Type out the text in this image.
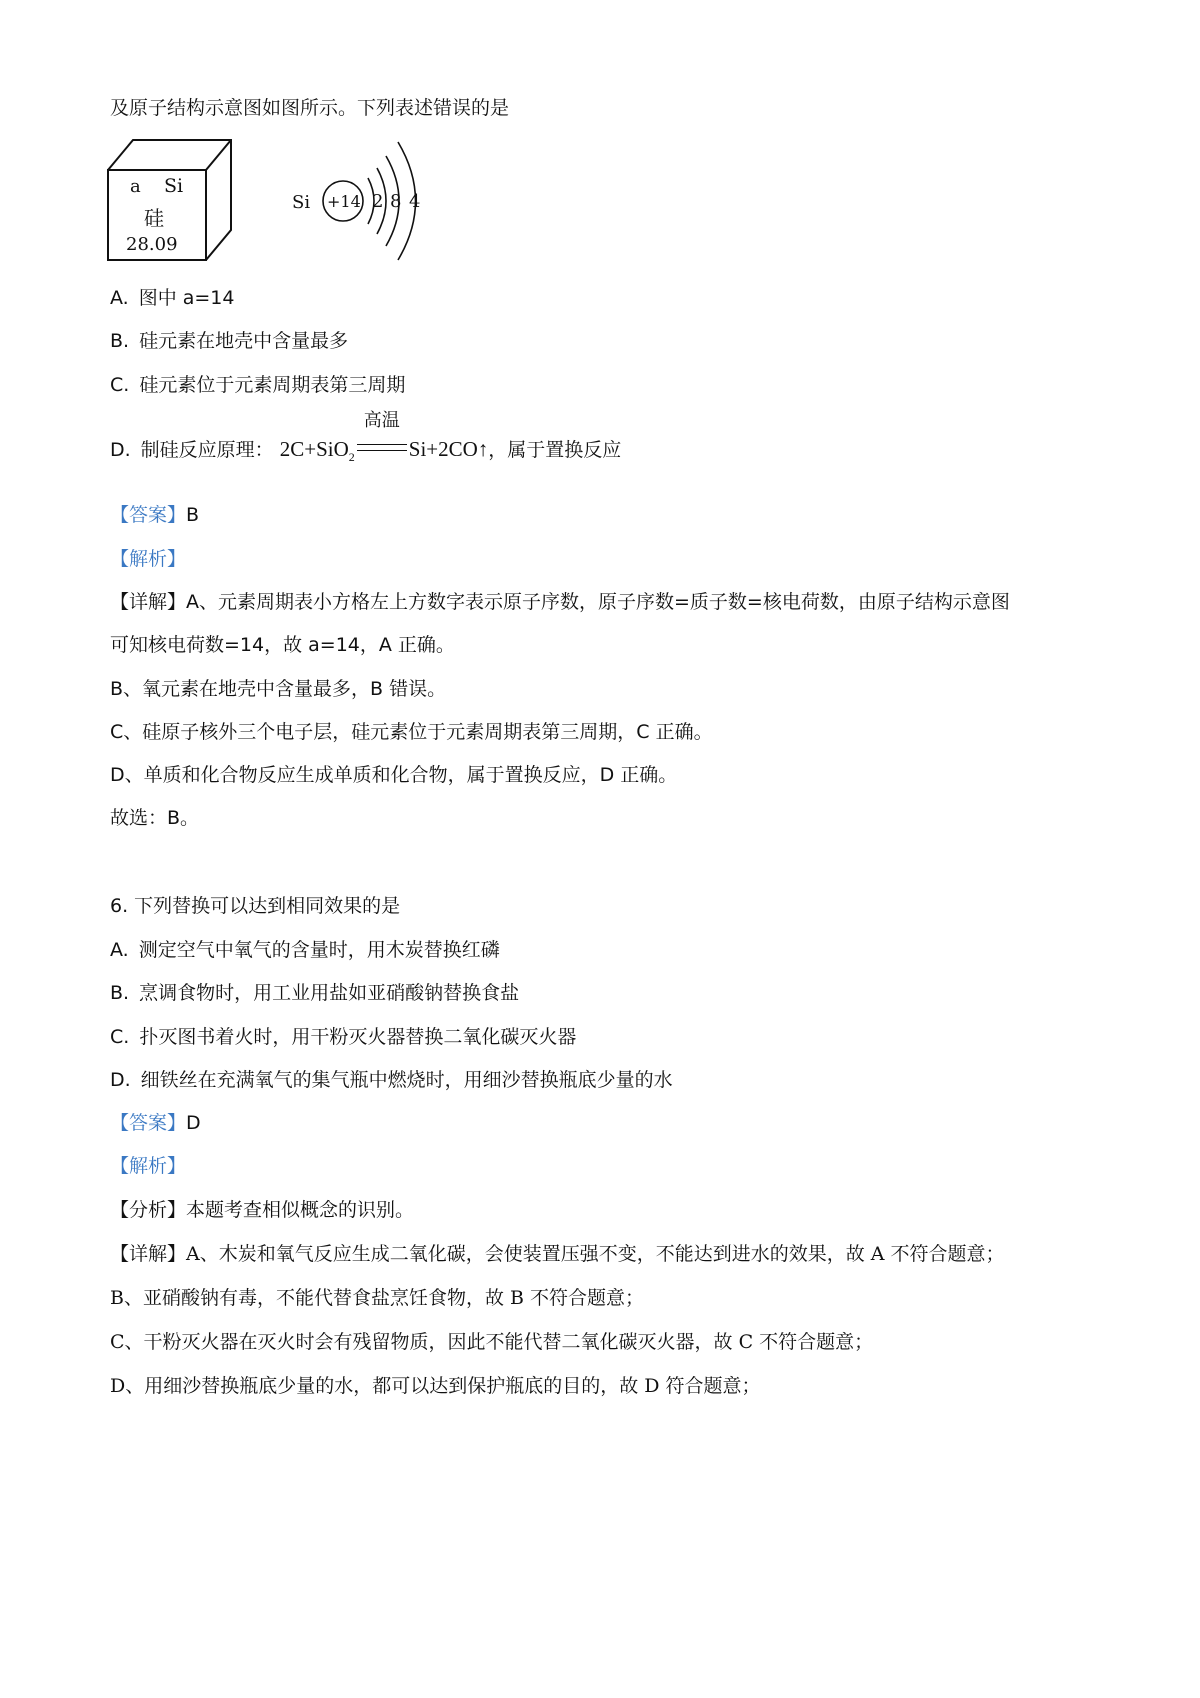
及原子结构示意图如图所示。下列表述错误的是
a Si
硅
28.09
Si +14 2 8 4
A. 图中 a=14
B. 硅元素在地壳中含量最多
C. 硅元素位于元素周期表第三周期
D. 制硅反应原理： 2C+SiO$_2$
高温
Si+2CO↑，属于置换反应
【答案】B
【解析】
【详解】A、元素周期表小方格左上方数字表示原子序数，原子序数=质子数=核电荷数，由原子结构示意图
可知核电荷数=14，故 a=14，A 正确。
B、氧元素在地壳中含量最多，B 错误。
C、硅原子核外三个电子层，硅元素位于元素周期表第三周期，C 正确。
D、单质和化合物反应生成单质和化合物，属于置换反应，D 正确。
故选：B。
6. 下列替换可以达到相同效果的是
A. 测定空气中氧气的含量时，用木炭替换红磷
B. 烹调食物时，用工业用盐如亚硝酸钠替换食盐
C. 扑灭图书着火时，用干粉灭火器替换二氧化碳灭火器
D. 细铁丝在充满氧气的集气瓶中燃烧时，用细沙替换瓶底少量的水
【答案】D
【解析】
【分析】本题考查相似概念的识别。
【详解】A、木炭和氧气反应生成二氧化碳，会使装置压强不变，不能达到进水的效果，故 A 不符合题意；
B、亚硝酸钠有毒，不能代替食盐烹饪食物，故 B 不符合题意；
C、干粉灭火器在灭火时会有残留物质，因此不能代替二氧化碳灭火器，故 C 不符合题意；
D、用细沙替换瓶底少量的水，都可以达到保护瓶底的目的，故 D 符合题意；
